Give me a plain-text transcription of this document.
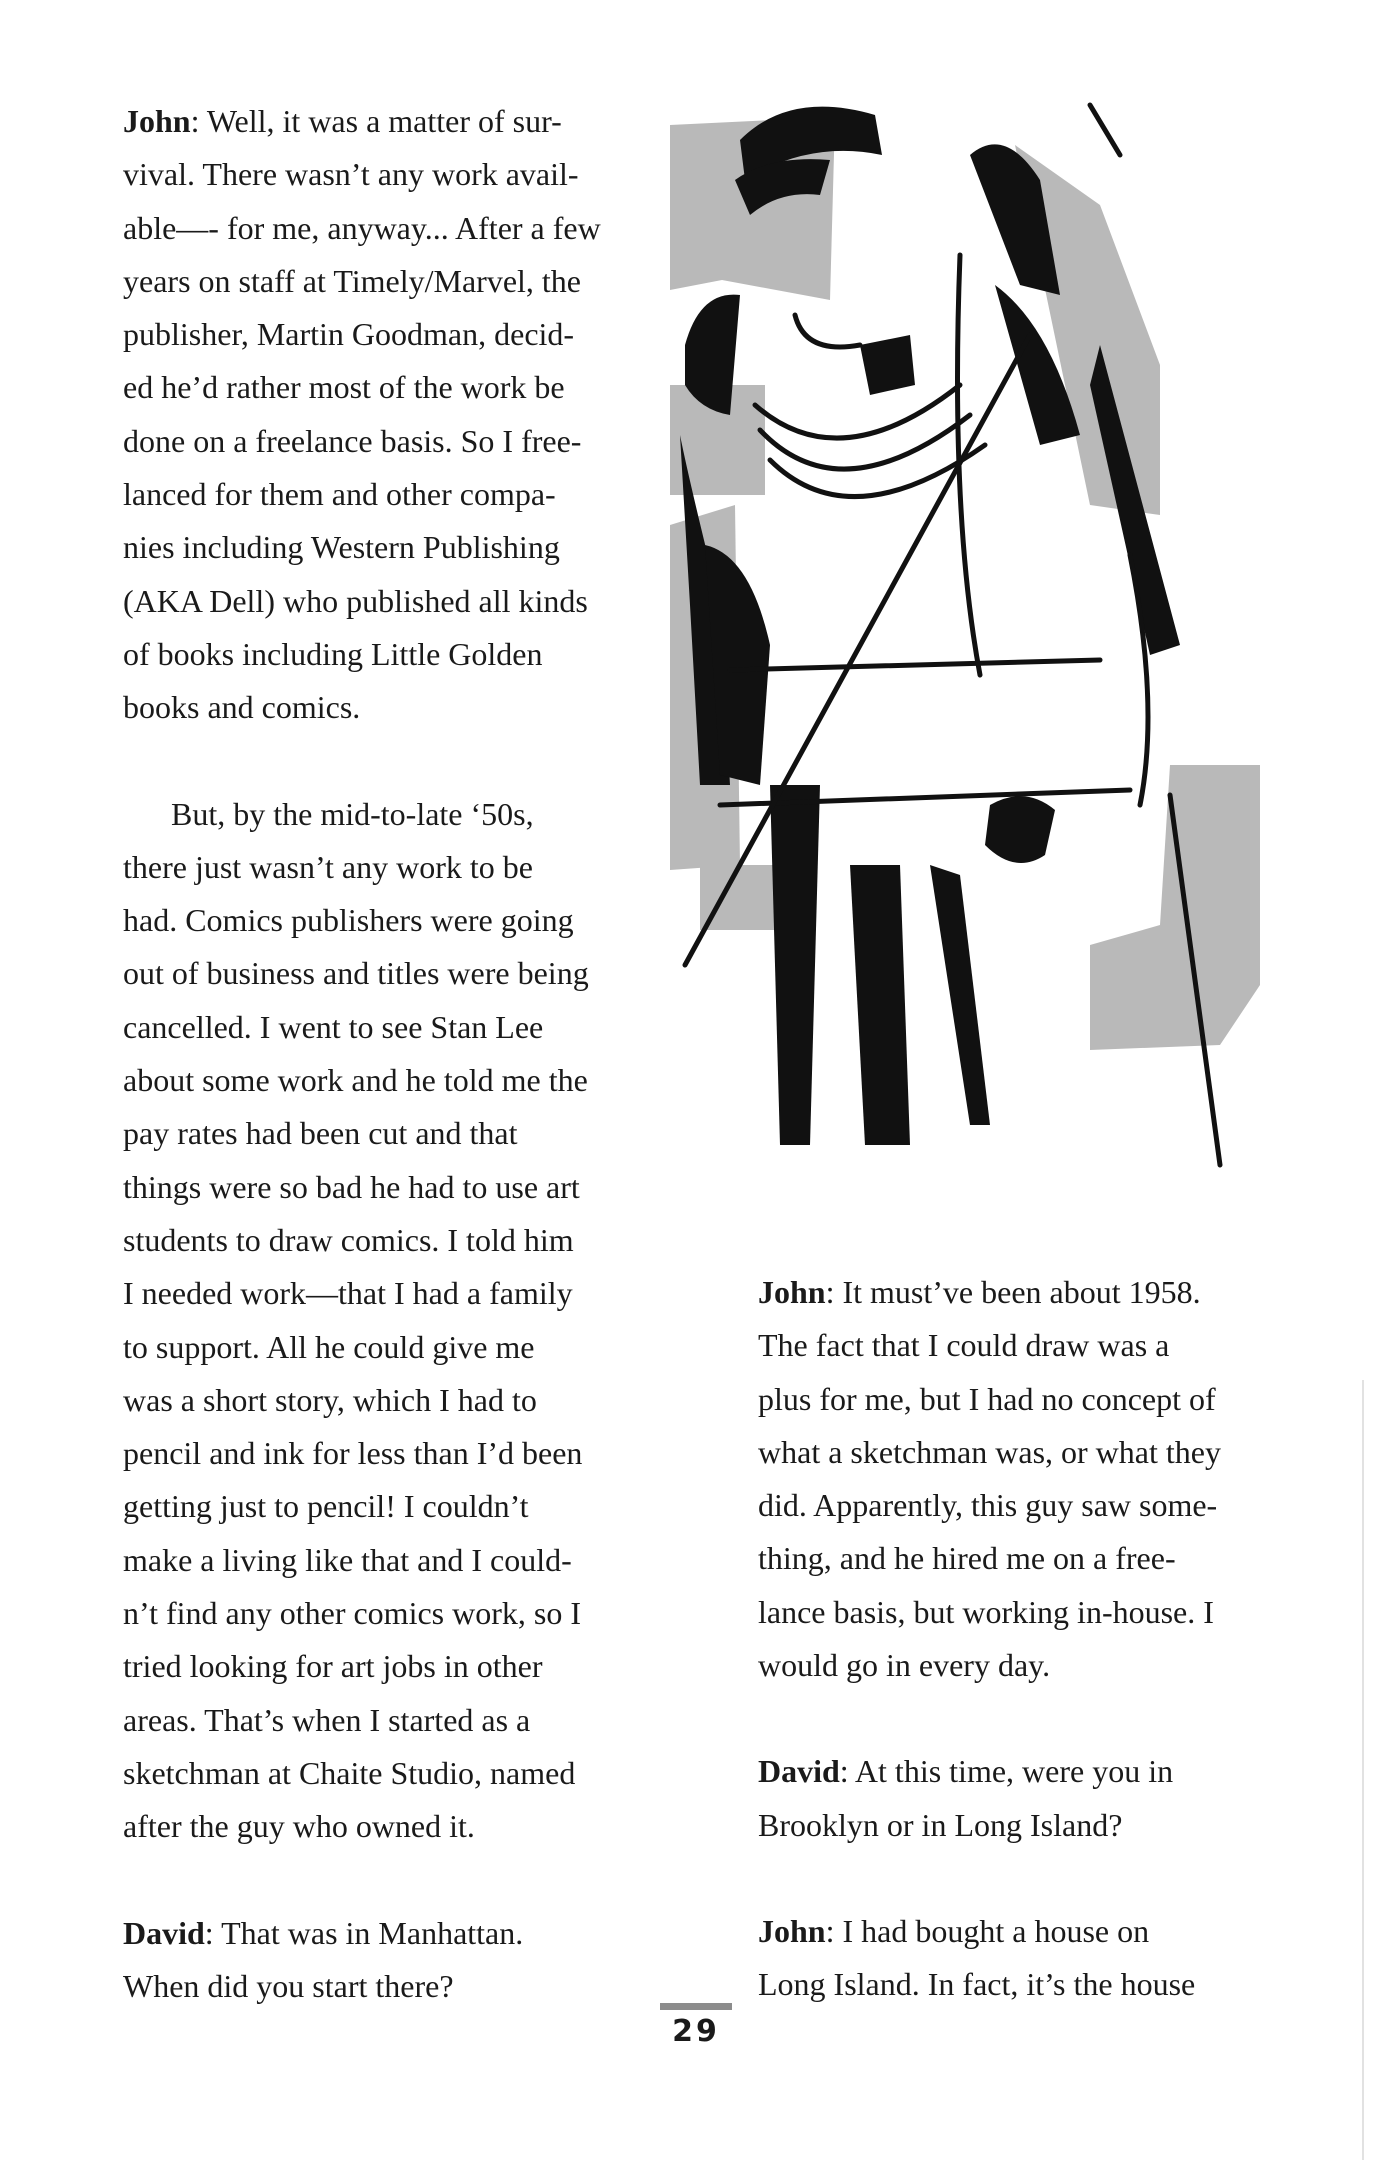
John: Well, it was a matter of sur-

vival. There wasn’t any work avail-

able—- for me, anyway... After a few

years on staff at Timely/Marvel, the

publisher, Martin Goodman, decid-

ed he’d rather most of the work be

done on a freelance basis. So I free-

lanced for them and other compa-

nies including Western Publishing

(AKA Dell) who published all kinds

of books including Little Golden

books and comics.

But, by the mid-to-late ‘50s,

there just wasn’t any work to be

had. Comics publishers were going

out of business and titles were being

cancelled. I went to see Stan Lee

about some work and he told me the

pay rates had been cut and that

things were so bad he had to use art

students to draw comics. I told him

I needed work—that I had a family

to support. All he could give me

was a short story, which I had to

pencil and ink for less than I’d been

getting just to pencil! I couldn’t

make a living like that and I could-

n’t find any other comics work, so I

tried looking for art jobs in other

areas. That’s when I started as a

sketchman at Chaite Studio, named

after the guy who owned it.

David: That was in Manhattan.

When did you start there?

John: It must’ve been about 1958.

The fact that I could draw was a

plus for me, but I had no concept of

what a sketchman was, or what they

did. Apparently, this guy saw some-

thing, and he hired me on a free-

lance basis, but working in-house. I

would go in every day.

David: At this time, were you in

Brooklyn or in Long Island?

John: I had bought a house on

Long Island. In fact, it’s the house

29
